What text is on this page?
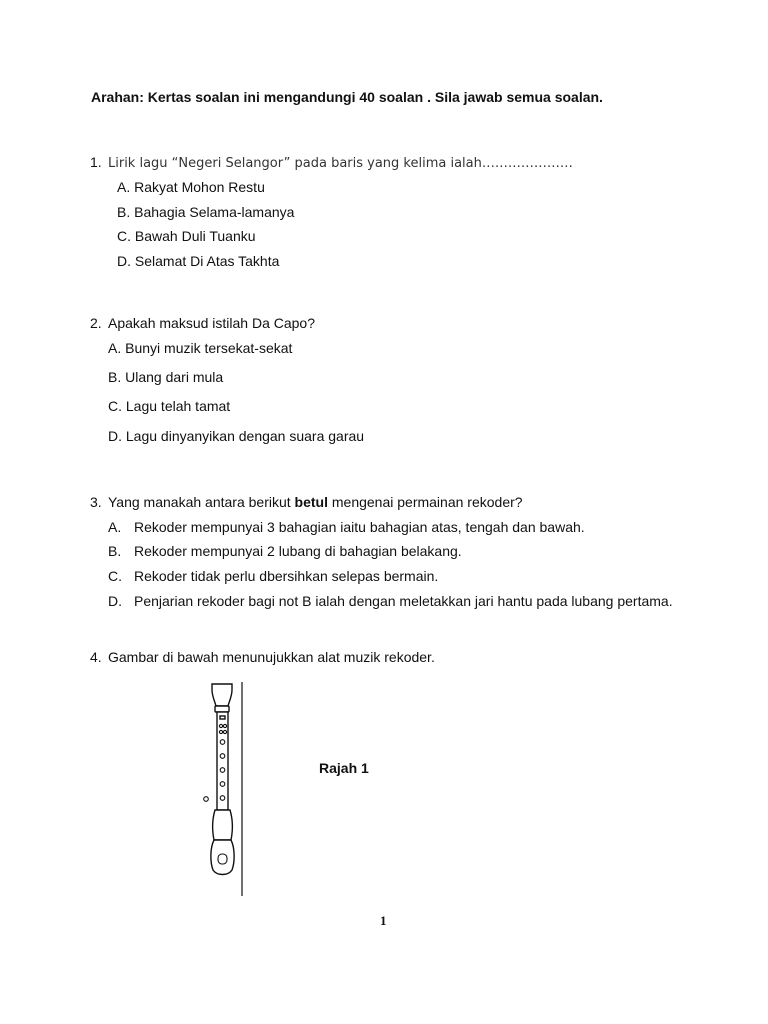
Arahan: Kertas soalan ini mengandungi 40 soalan . Sila jawab semua soalan.
1. Lirik lagu “Negeri Selangor” pada baris yang kelima ialah…………………
A. Rakyat Mohon Restu
B. Bahagia Selama-lamanya
C. Bawah Duli Tuanku
D. Selamat Di Atas Takhta
2. Apakah maksud istilah Da Capo?
A. Bunyi muzik tersekat-sekat
B. Ulang dari mula
C. Lagu telah tamat
D. Lagu dinyanyikan dengan suara garau
3. Yang manakah antara berikut betul mengenai permainan rekoder?
A. Rekoder mempunyai 3 bahagian iaitu bahagian atas, tengah dan bawah.
B. Rekoder mempunyai 2 lubang di bahagian belakang.
C. Rekoder tidak perlu dbersihkan selepas bermain.
D. Penjarian rekoder bagi not B ialah dengan meletakkan jari hantu pada lubang pertama.
4. Gambar di bawah menunujukkan alat muzik rekoder.
Rajah 1
1
